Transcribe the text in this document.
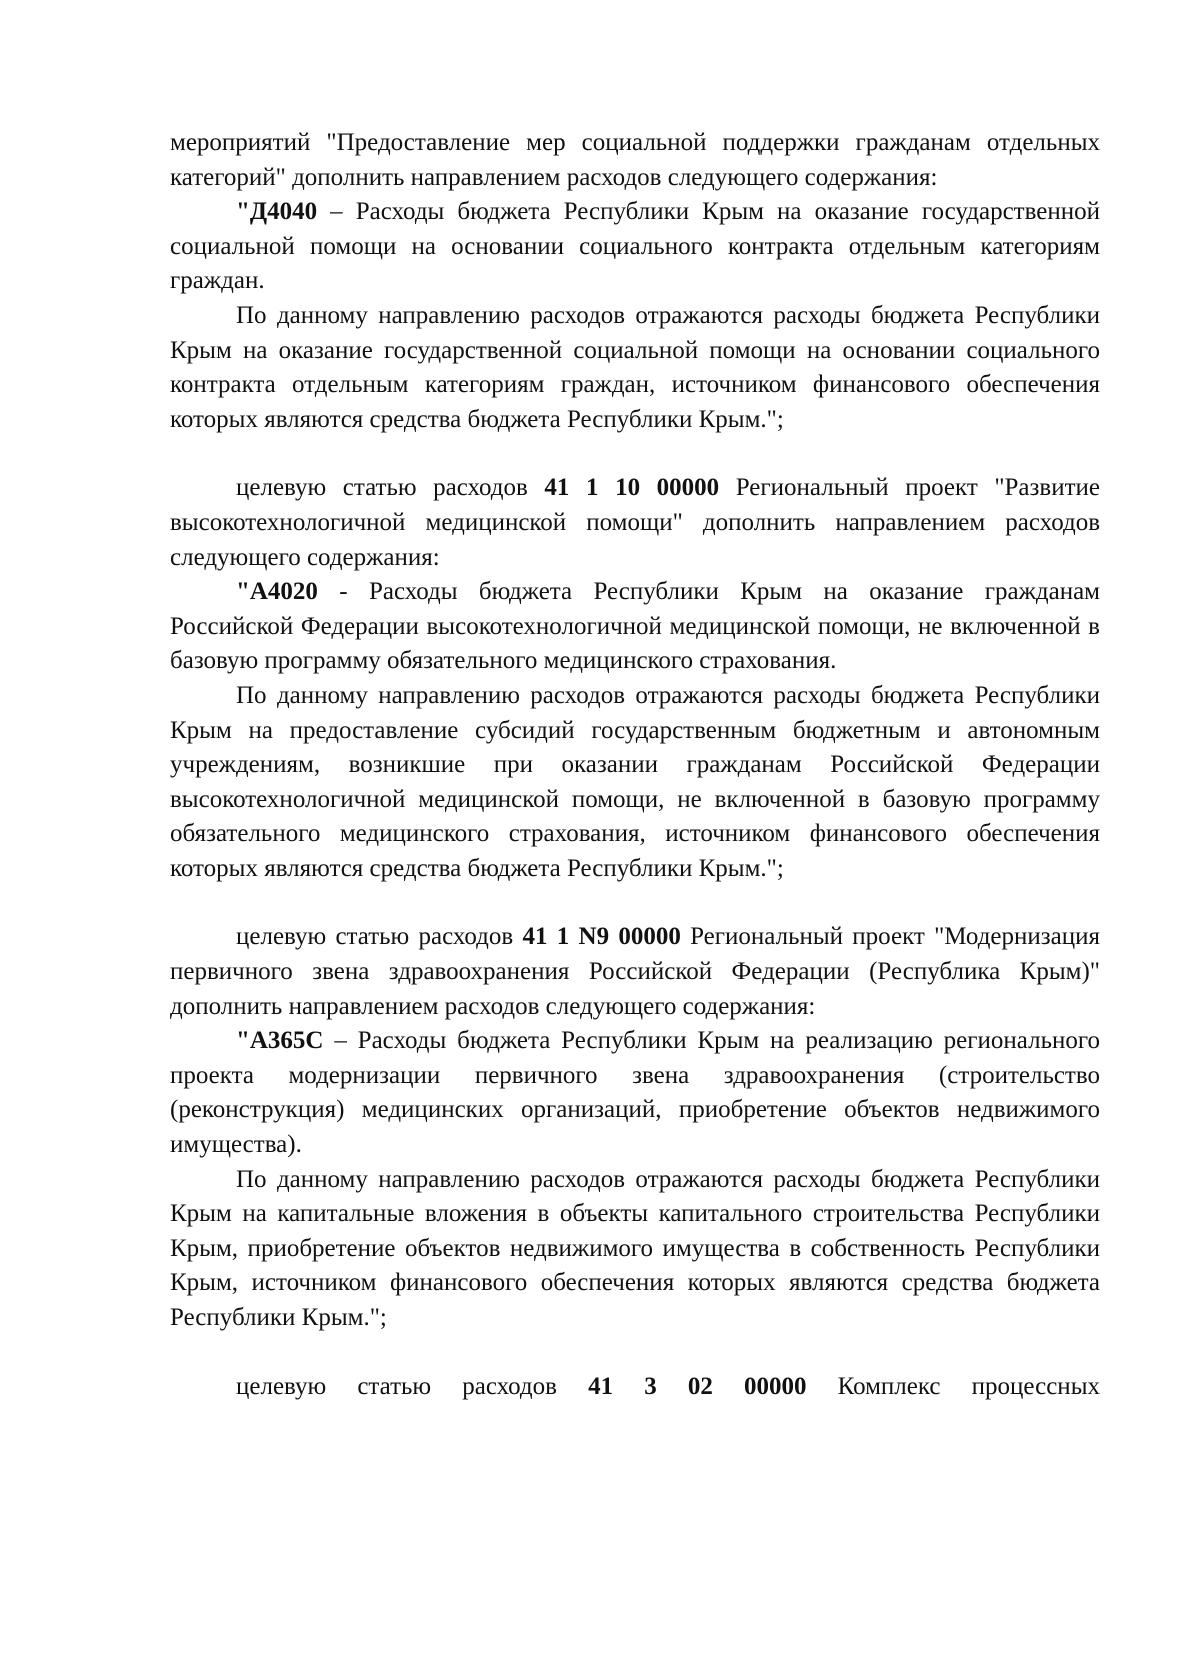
мероприятий "Предоставление мер социальной поддержки гражданам отдельных категорий" дополнить направлением расходов следующего содержания:

"Д4040 – Расходы бюджета Республики Крым на оказание государственной социальной помощи на основании социального контракта отдельным категориям граждан.

По данному направлению расходов отражаются расходы бюджета Республики Крым на оказание государственной социальной помощи на основании социального контракта отдельным категориям граждан, источником финансового обеспечения которых являются средства бюджета Республики Крым.";

целевую статью расходов 41 1 10 00000 Региональный проект "Развитие высокотехнологичной медицинской помощи" дополнить направлением расходов следующего содержания:

"А4020 - Расходы бюджета Республики Крым на оказание гражданам Российской Федерации высокотехнологичной медицинской помощи, не включенной в базовую программу обязательного медицинского страхования.

По данному направлению расходов отражаются расходы бюджета Республики Крым на предоставление субсидий государственным бюджетным и автономным учреждениям, возникшие при оказании гражданам Российской Федерации высокотехнологичной медицинской помощи, не включенной в базовую программу обязательного медицинского страхования, источником финансового обеспечения которых являются средства бюджета Республики Крым.";

целевую статью расходов 41 1 N9 00000 Региональный проект "Модернизация первичного звена здравоохранения Российской Федерации (Республика Крым)" дополнить направлением расходов следующего содержания:

"А365С – Расходы бюджета Республики Крым на реализацию регионального проекта модернизации первичного звена здравоохранения (строительство (реконструкция) медицинских организаций, приобретение объектов недвижимого имущества).

По данному направлению расходов отражаются расходы бюджета Республики Крым на капитальные вложения в объекты капитального строительства Республики Крым, приобретение объектов недвижимого имущества в собственность Республики Крым, источником финансового обеспечения которых являются средства бюджета Республики Крым.";

целевую статью расходов 41 3 02 00000 Комплекс процессных
